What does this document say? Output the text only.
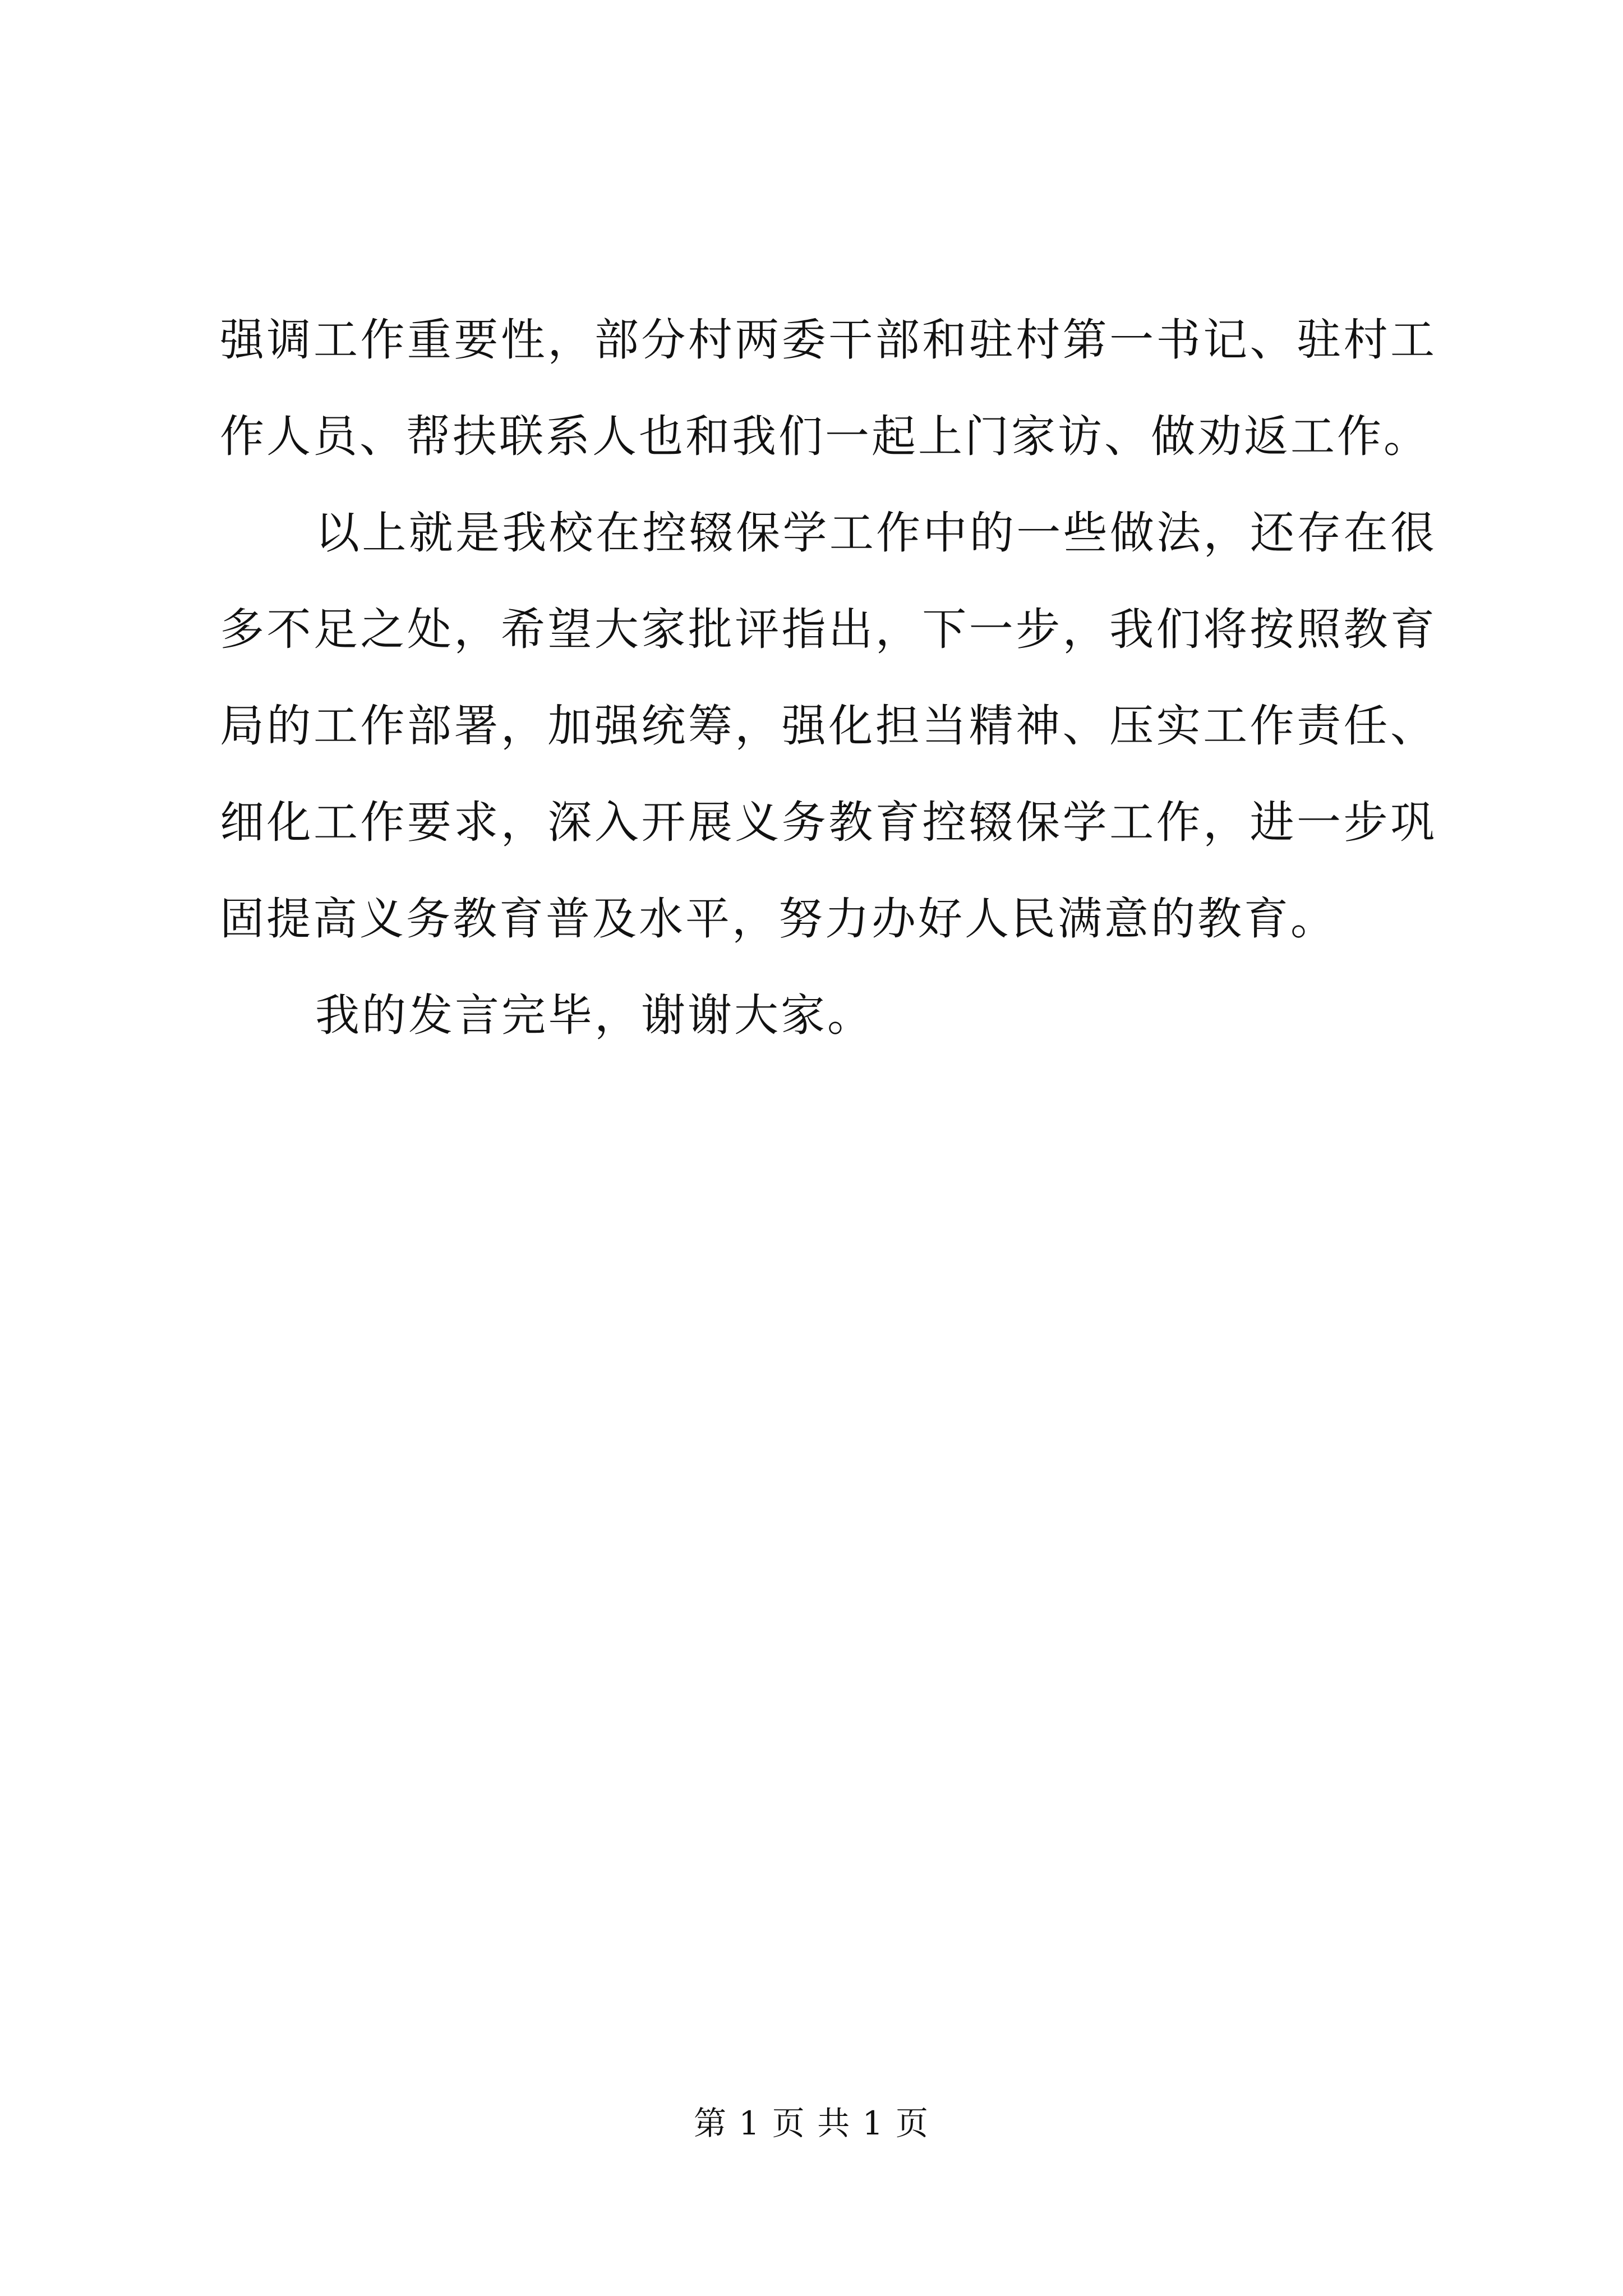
强调工作重要性，部分村两委干部和驻村第一书记、驻村工作人员、帮扶联系人也和我们一起上门家访、做劝返工作。

以上就是我校在控辍保学工作中的一些做法，还存在很多不足之处，希望大家批评指出，下一步，我们将按照教育局的工作部署，加强统筹，强化担当精神、压实工作责任、细化工作要求，深入开展义务教育控辍保学工作，进一步巩固提高义务教育普及水平，努力办好人民满意的教育。

我的发言完毕，谢谢大家。

第 1 页 共 1 页
